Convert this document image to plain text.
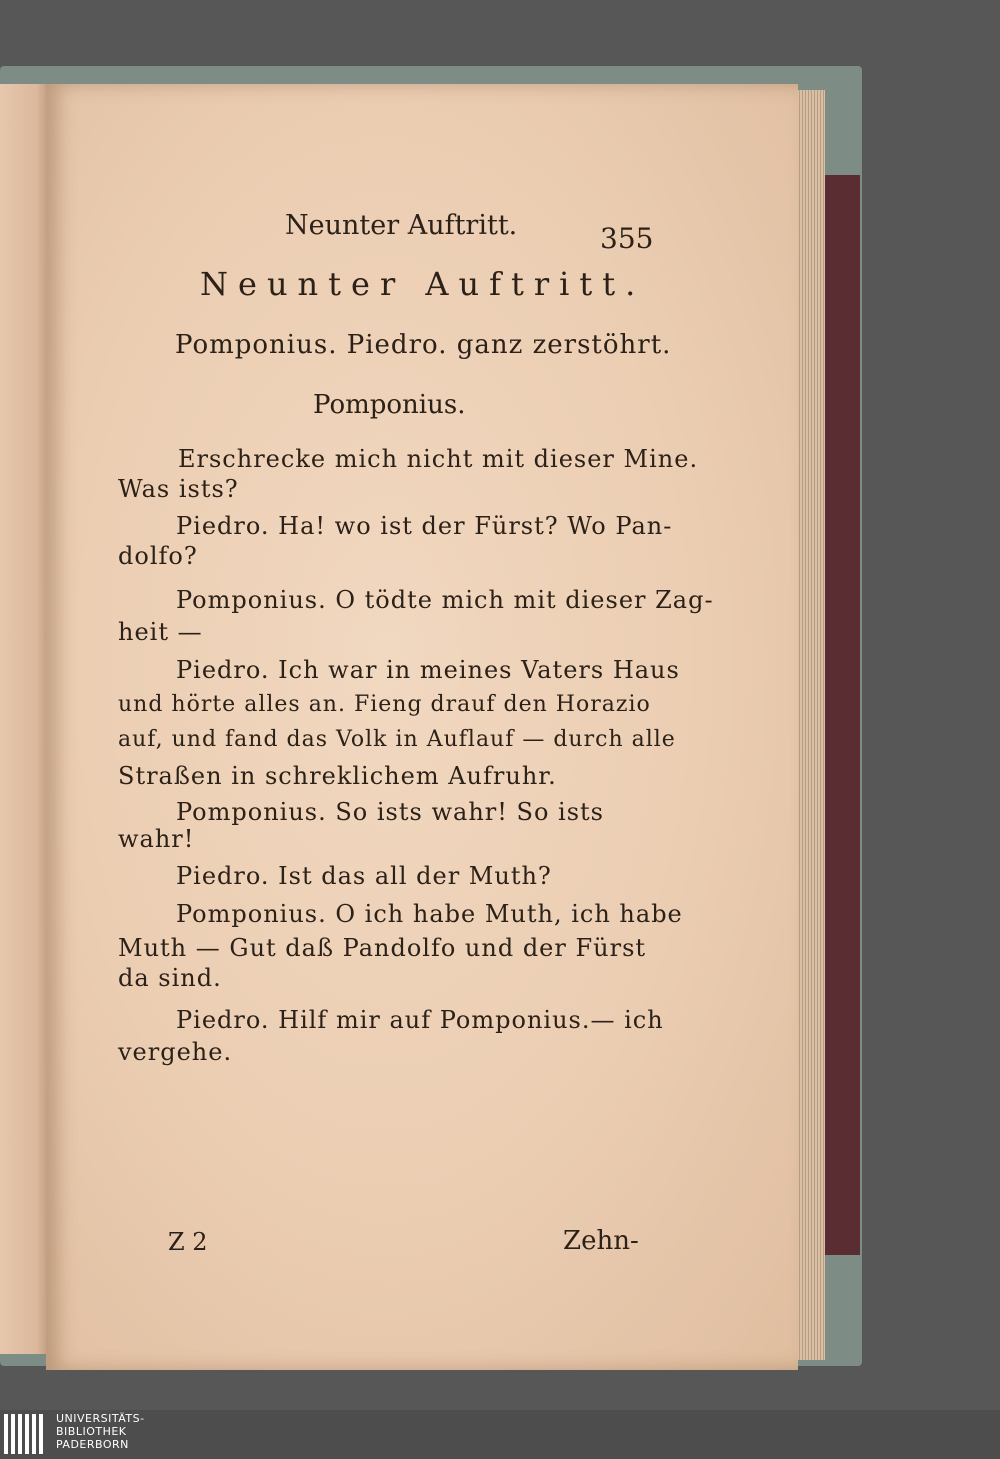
Neunter Auftritt.	355
Neunter Auftritt.
Pomponius. Piedro. ganz zerstöhrt.
Pomponius.
Erschrecke mich nicht mit dieser Mine.
Was ists?
Piedro. Ha! wo ist der Fürst? Wo Pan-
dolfo?
Pomponius. O tödte mich mit dieser Zag-
heit —
Piedro. Ich war in meines Vaters Haus
und hörte alles an. Fieng drauf den Horazio
auf, und fand das Volk in Auflauf — durch alle
Straßen in schreklichem Aufruhr.
Pomponius. So ists wahr! So ists
wahr!
Piedro. Ist das all der Muth?
Pomponius. O ich habe Muth, ich habe
Muth — Gut daß Pandolfo und der Fürst
da sind.
Piedro. Hilf mir auf Pomponius.— ich
vergehe.
Z 2	Zehn-
UNIVERSITÄTS-
BIBLIOTHEK
PADERBORN
